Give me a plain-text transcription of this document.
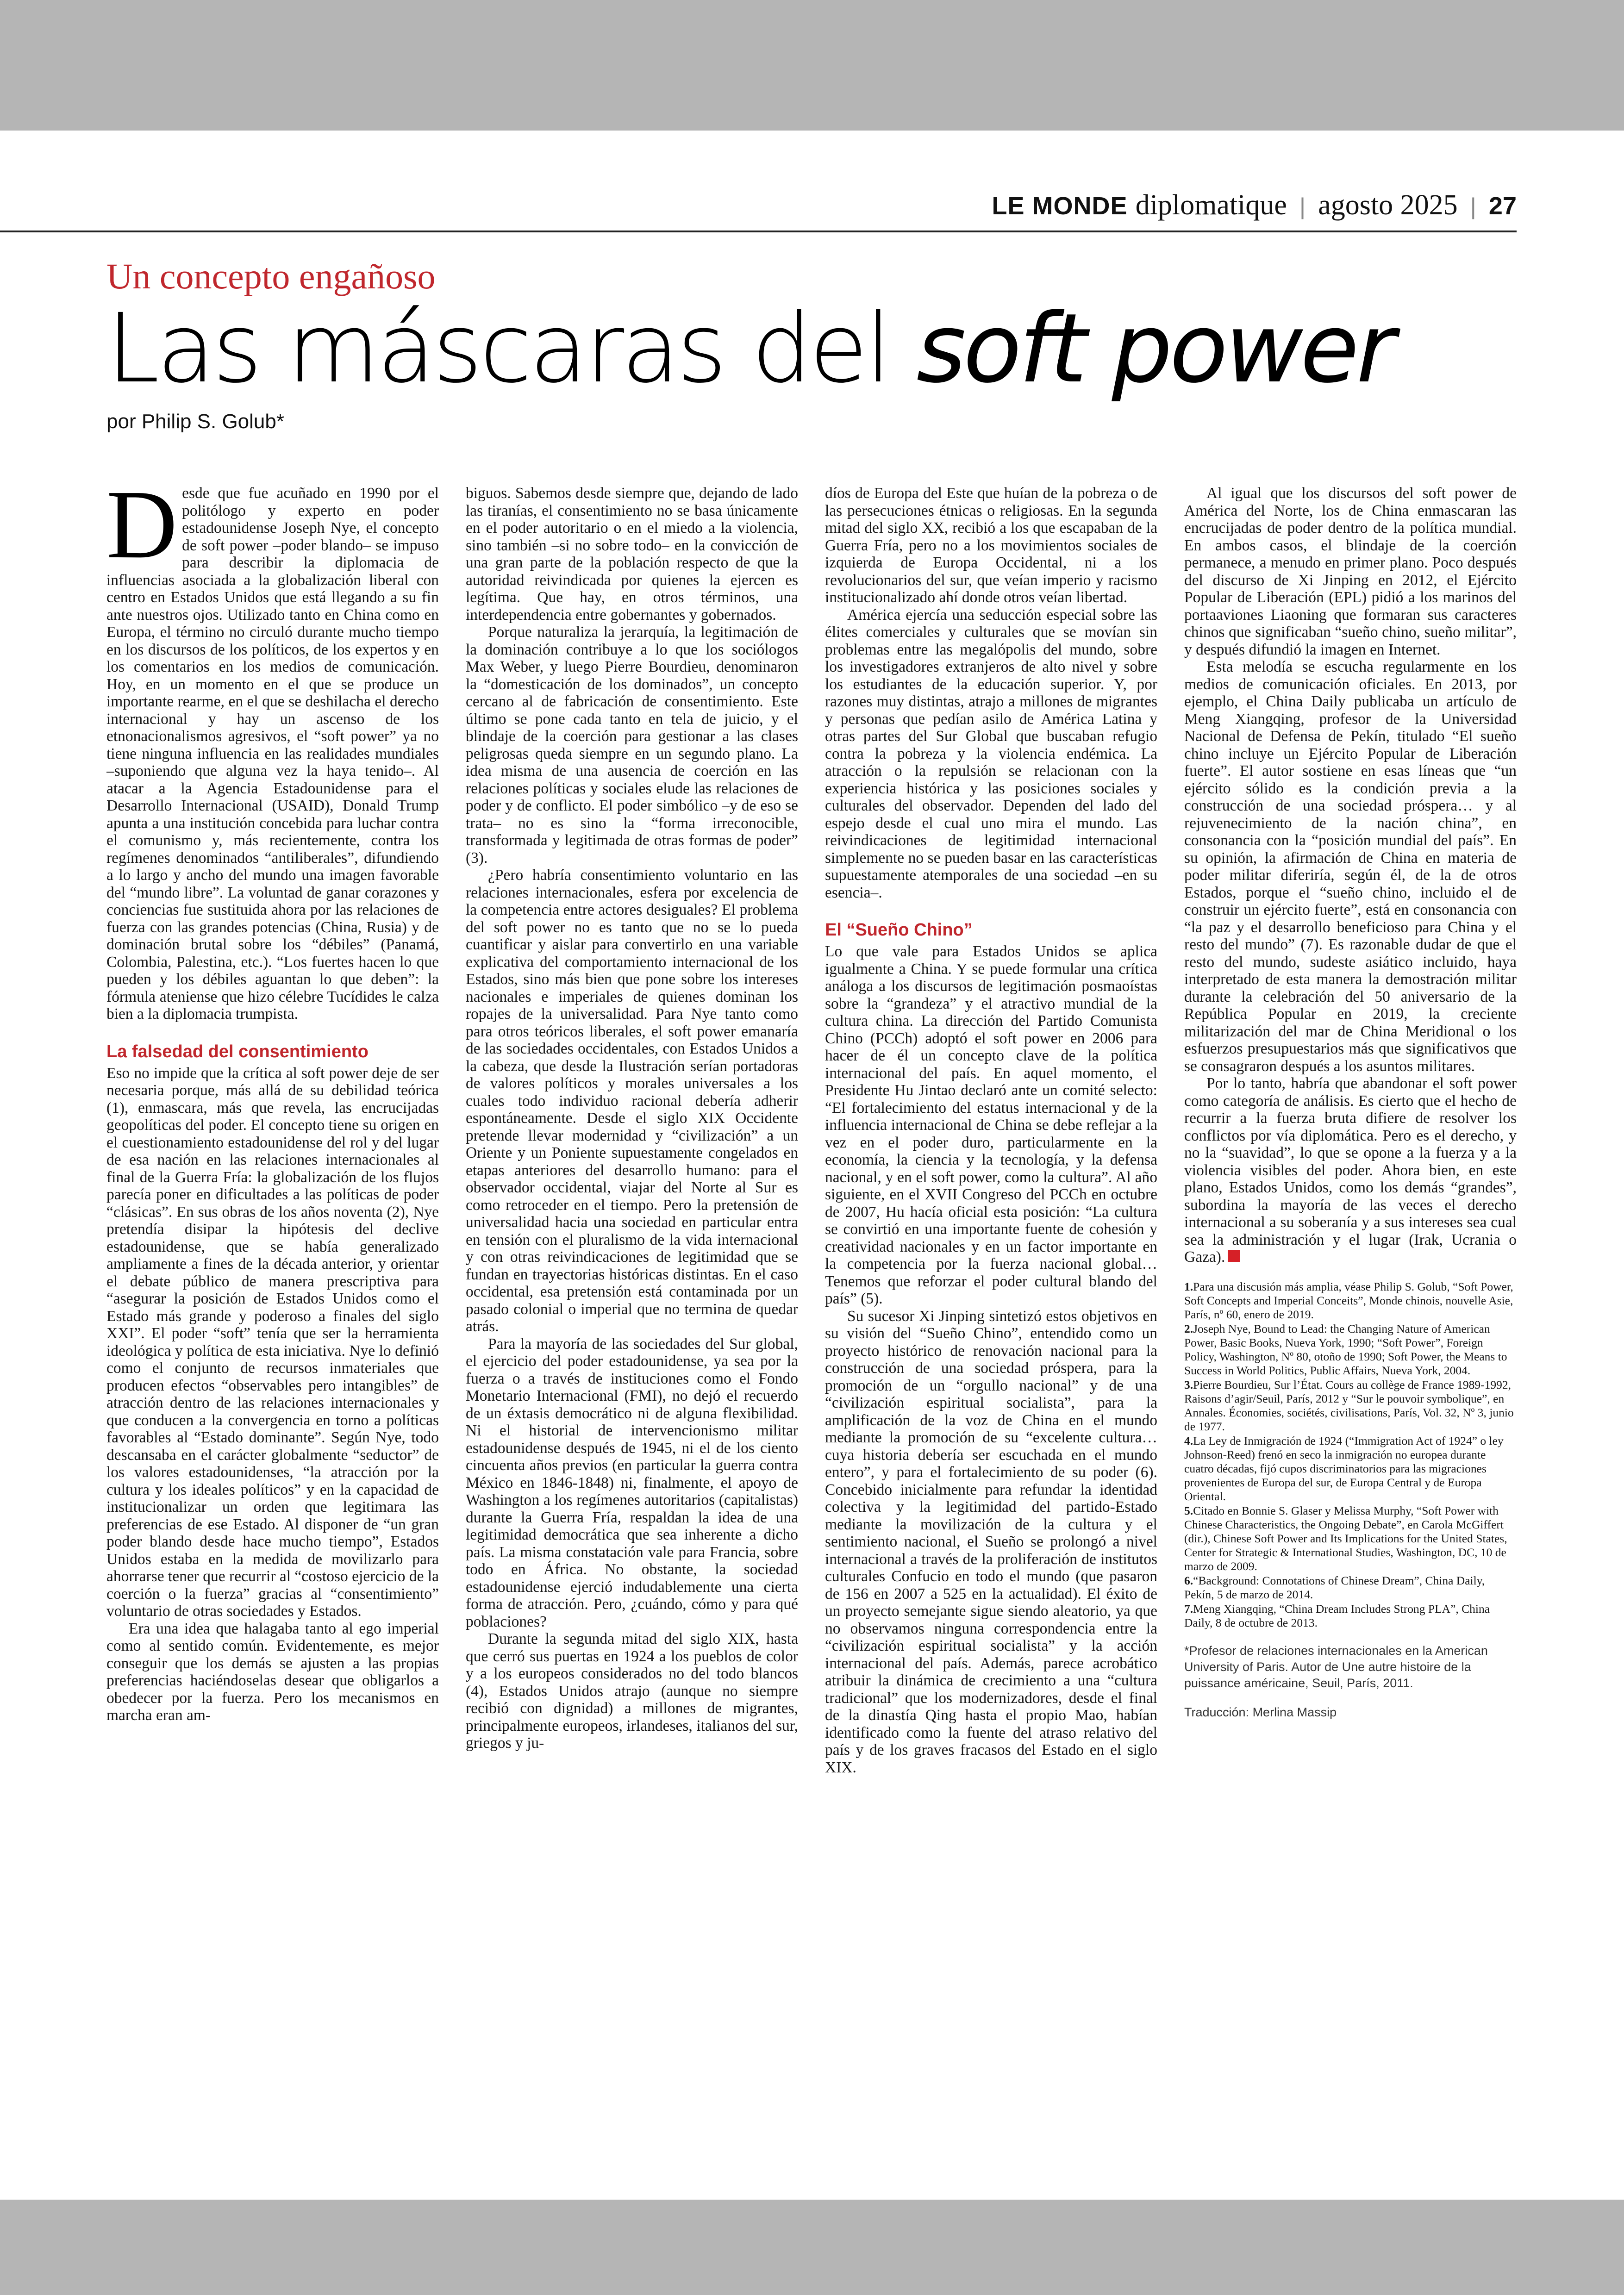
LE MONDE diplomatique | agosto 2025 | 27
Un concepto engañoso
Las máscaras del soft power
por Philip S. Golub*

Desde que fue acuñado en 1990 por el politólogo y experto en poder estadounidense Joseph Nye, el concepto de soft power –poder blando– se impuso para describir la diplomacia de influencias asociada a la globalización liberal con centro en Estados Unidos que está llegando a su fin ante nuestros ojos. Utilizado tanto en China como en Europa, el término no circuló durante mucho tiempo en los discursos de los políticos, de los expertos y en los comentarios en los medios de comunicación. Hoy, en un momento en el que se produce un importante rearme, en el que se deshilacha el derecho internacional y hay un ascenso de los etnonacionalismos agresivos, el “soft power” ya no tiene ninguna influencia en las realidades mundiales –suponiendo que alguna vez la haya tenido–. Al atacar a la Agencia Estadounidense para el Desarrollo Internacional (USAID), Donald Trump apunta a una institución concebida para luchar contra el comunismo y, más recientemente, contra los regímenes denominados “antiliberales”, difundiendo a lo largo y ancho del mundo una imagen favorable del “mundo libre”. La voluntad de ganar corazones y conciencias fue sustituida ahora por las relaciones de fuerza con las grandes potencias (China, Rusia) y de dominación brutal sobre los “débiles” (Panamá, Colombia, Palestina, etc.). “Los fuertes hacen lo que pueden y los débiles aguantan lo que deben”: la fórmula ateniense que hizo célebre Tucídides le calza bien a la diplomacia trumpista.

La falsedad del consentimiento

Eso no impide que la crítica al soft power deje de ser necesaria porque, más allá de su debilidad teórica (1), enmascara, más que revela, las encrucijadas geopolíticas del poder. El concepto tiene su origen en el cuestionamiento estadounidense del rol y del lugar de esa nación en las relaciones internacionales al final de la Guerra Fría: la globalización de los flujos parecía poner en dificultades a las políticas de poder “clásicas”. En sus obras de los años noventa (2), Nye pretendía disipar la hipótesis del declive estadounidense, que se había generalizado ampliamente a fines de la década anterior, y orientar el debate público de manera prescriptiva para “asegurar la posición de Estados Unidos como el Estado más grande y poderoso a finales del siglo XXI”. El poder “soft” tenía que ser la herramienta ideológica y política de esta iniciativa. Nye lo definió como el conjunto de recursos inmateriales que producen efectos “observables pero intangibles” de atracción dentro de las relaciones internacionales y que conducen a la convergencia en torno a políticas favorables al “Estado dominante”. Según Nye, todo descansaba en el carácter globalmente “seductor” de los valores estadounidenses, “la atracción por la cultura y los ideales políticos” y en la capacidad de institucionalizar un orden que legitimara las preferencias de ese Estado. Al disponer de “un gran poder blando desde hace mucho tiempo”, Estados Unidos estaba en la medida de movilizarlo para ahorrarse tener que recurrir al “costoso ejercicio de la coerción o la fuerza” gracias al “consentimiento” voluntario de otras sociedades y Estados.

Era una idea que halagaba tanto al ego imperial como al sentido común. Evidentemente, es mejor conseguir que los demás se ajusten a las propias preferencias haciéndoselas desear que obligarlos a obedecer por la fuerza. Pero los mecanismos en marcha eran am-

biguos. Sabemos desde siempre que, dejando de lado las tiranías, el consentimiento no se basa únicamente en el poder autoritario o en el miedo a la violencia, sino también –si no sobre todo– en la convicción de una gran parte de la población respecto de que la autoridad reivindicada por quienes la ejercen es legítima. Que hay, en otros términos, una interdependencia entre gobernantes y gobernados.

Porque naturaliza la jerarquía, la legitimación de la dominación contribuye a lo que los sociólogos Max Weber, y luego Pierre Bourdieu, denominaron la “domesticación de los dominados”, un concepto cercano al de fabricación de consentimiento. Este último se pone cada tanto en tela de juicio, y el blindaje de la coerción para gestionar a las clases peligrosas queda siempre en un segundo plano. La idea misma de una ausencia de coerción en las relaciones políticas y sociales elude las relaciones de poder y de conflicto. El poder simbólico –y de eso se trata– no es sino la “forma irreconocible, transformada y legitimada de otras formas de poder” (3).

¿Pero habría consentimiento voluntario en las relaciones internacionales, esfera por excelencia de la competencia entre actores desiguales? El problema del soft power no es tanto que no se lo pueda cuantificar y aislar para convertirlo en una variable explicativa del comportamiento internacional de los Estados, sino más bien que pone sobre los intereses nacionales e imperiales de quienes dominan los ropajes de la universalidad. Para Nye tanto como para otros teóricos liberales, el soft power emanaría de las sociedades occidentales, con Estados Unidos a la cabeza, que desde la Ilustración serían portadoras de valores políticos y morales universales a los cuales todo individuo racional debería adherir espontáneamente. Desde el siglo XIX Occidente pretende llevar modernidad y “civilización” a un Oriente y un Poniente supuestamente congelados en etapas anteriores del desarrollo humano: para el observador occidental, viajar del Norte al Sur es como retroceder en el tiempo. Pero la pretensión de universalidad hacia una sociedad en particular entra en tensión con el pluralismo de la vida internacional y con otras reivindicaciones de legitimidad que se fundan en trayectorias históricas distintas. En el caso occidental, esa pretensión está contaminada por un pasado colonial o imperial que no termina de quedar atrás.

Para la mayoría de las sociedades del Sur global, el ejercicio del poder estadounidense, ya sea por la fuerza o a través de instituciones como el Fondo Monetario Internacional (FMI), no dejó el recuerdo de un éxtasis democrático ni de alguna flexibilidad. Ni el historial de intervencionismo militar estadounidense después de 1945, ni el de los ciento cincuenta años previos (en particular la guerra contra México en 1846-1848) ni, finalmente, el apoyo de Washington a los regímenes autoritarios (capitalistas) durante la Guerra Fría, respaldan la idea de una legitimidad democrática que sea inherente a dicho país. La misma constatación vale para Francia, sobre todo en África. No obstante, la sociedad estadounidense ejerció indudablemente una cierta forma de atracción. Pero, ¿cuándo, cómo y para qué poblaciones?

Durante la segunda mitad del siglo XIX, hasta que cerró sus puertas en 1924 a los pueblos de color y a los europeos considerados no del todo blancos (4), Estados Unidos atrajo (aunque no siempre recibió con dignidad) a millones de migrantes, principalmente europeos, irlandeses, italianos del sur, griegos y ju-

díos de Europa del Este que huían de la pobreza o de las persecuciones étnicas o religiosas. En la segunda mitad del siglo XX, recibió a los que escapaban de la Guerra Fría, pero no a los movimientos sociales de izquierda de Europa Occidental, ni a los revolucionarios del sur, que veían imperio y racismo institucionalizado ahí donde otros veían libertad.

América ejercía una seducción especial sobre las élites comerciales y culturales que se movían sin problemas entre las megalópolis del mundo, sobre los investigadores extranjeros de alto nivel y sobre los estudiantes de la educación superior. Y, por razones muy distintas, atrajo a millones de migrantes y personas que pedían asilo de América Latina y otras partes del Sur Global que buscaban refugio contra la pobreza y la violencia endémica. La atracción o la repulsión se relacionan con la experiencia histórica y las posiciones sociales y culturales del observador. Dependen del lado del espejo desde el cual uno mira el mundo. Las reivindicaciones de legitimidad internacional simplemente no se pueden basar en las características supuestamente atemporales de una sociedad –en su esencia–.

El “Sueño Chino”

Lo que vale para Estados Unidos se aplica igualmente a China. Y se puede formular una crítica análoga a los discursos de legitimación posmaoístas sobre la “grandeza” y el atractivo mundial de la cultura china. La dirección del Partido Comunista Chino (PCCh) adoptó el soft power en 2006 para hacer de él un concepto clave de la política internacional del país. En aquel momento, el Presidente Hu Jintao declaró ante un comité selecto: “El fortalecimiento del estatus internacional y de la influencia internacional de China se debe reflejar a la vez en el poder duro, particularmente en la economía, la ciencia y la tecnología, y la defensa nacional, y en el soft power, como la cultura”. Al año siguiente, en el XVII Congreso del PCCh en octubre de 2007, Hu hacía oficial esta posición: “La cultura se convirtió en una importante fuente de cohesión y creatividad nacionales y en un factor importante en la competencia por la fuerza nacional global… Tenemos que reforzar el poder cultural blando del país” (5).

Su sucesor Xi Jinping sintetizó estos objetivos en su visión del “Sueño Chino”, entendido como un proyecto histórico de renovación nacional para la construcción de una sociedad próspera, para la promoción de un “orgullo nacional” y de una “civilización espiritual socialista”, para la amplificación de la voz de China en el mundo mediante la promoción de su “excelente cultura… cuya historia debería ser escuchada en el mundo entero”, y para el fortalecimiento de su poder (6). Concebido inicialmente para refundar la identidad colectiva y la legitimidad del partido-Estado mediante la movilización de la cultura y el sentimiento nacional, el Sueño se prolongó a nivel internacional a través de la proliferación de institutos culturales Confucio en todo el mundo (que pasaron de 156 en 2007 a 525 en la actualidad). El éxito de un proyecto semejante sigue siendo aleatorio, ya que no observamos ninguna correspondencia entre la “civilización espiritual socialista” y la acción internacional del país. Además, parece acrobático atribuir la dinámica de crecimiento a una “cultura tradicional” que los modernizadores, desde el final de la dinastía Qing hasta el propio Mao, habían identificado como la fuente del atraso relativo del país y de los graves fracasos del Estado en el siglo XIX.

Al igual que los discursos del soft power de América del Norte, los de China enmascaran las encrucijadas de poder dentro de la política mundial. En ambos casos, el blindaje de la coerción permanece, a menudo en primer plano. Poco después del discurso de Xi Jinping en 2012, el Ejército Popular de Liberación (EPL) pidió a los marinos del portaaviones Liaoning que formaran sus caracteres chinos que significaban “sueño chino, sueño militar”, y después difundió la imagen en Internet.

Esta melodía se escucha regularmente en los medios de comunicación oficiales. En 2013, por ejemplo, el China Daily publicaba un artículo de Meng Xiangqing, profesor de la Universidad Nacional de Defensa de Pekín, titulado “El sueño chino incluye un Ejército Popular de Liberación fuerte”. El autor sostiene en esas líneas que “un ejército sólido es la condición previa a la construcción de una sociedad próspera… y al rejuvenecimiento de la nación china”, en consonancia con la “posición mundial del país”. En su opinión, la afirmación de China en materia de poder militar diferiría, según él, de la de otros Estados, porque el “sueño chino, incluido el de construir un ejército fuerte”, está en consonancia con “la paz y el desarrollo beneficioso para China y el resto del mundo” (7). Es razonable dudar de que el resto del mundo, sudeste asiático incluido, haya interpretado de esta manera la demostración militar durante la celebración del 50 aniversario de la República Popular en 2019, la creciente militarización del mar de China Meridional o los esfuerzos presupuestarios más que significativos que se consagraron después a los asuntos militares.

Por lo tanto, habría que abandonar el soft power como categoría de análisis. Es cierto que el hecho de recurrir a la fuerza bruta difiere de resolver los conflictos por vía diplomática. Pero es el derecho, y no la “suavidad”, lo que se opone a la fuerza y a la violencia visibles del poder. Ahora bien, en este plano, Estados Unidos, como los demás “grandes”, subordina la mayoría de las veces el derecho internacional a su soberanía y a sus intereses sea cual sea la administración y el lugar (Irak, Ucrania o Gaza).

1.Para una discusión más amplia, véase Philip S. Golub, “Soft Power, Soft Concepts and Imperial Conceits”, Monde chinois, nouvelle Asie, París, nº 60, enero de 2019.
2.Joseph Nye, Bound to Lead: the Changing Nature of American Power, Basic Books, Nueva York, 1990; “Soft Power”, Foreign Policy, Washington, Nº 80, otoño de 1990; Soft Power, the Means to Success in World Politics, Public Affairs, Nueva York, 2004.
3.Pierre Bourdieu, Sur l’État. Cours au collège de France 1989-1992, Raisons d’agir/Seuil, París, 2012 y “Sur le pouvoir symbolique”, en Annales. Économies, sociétés, civilisations, París, Vol. 32, Nº 3, junio de 1977.
4.La Ley de Inmigración de 1924 (“Immigration Act of 1924” o ley Johnson-Reed) frenó en seco la inmigración no europea durante cuatro décadas, fijó cupos discriminatorios para las migraciones provenientes de Europa del sur, de Europa Central y de Europa Oriental.
5.Citado en Bonnie S. Glaser y Melissa Murphy, “Soft Power with Chinese Characteristics, the Ongoing Debate”, en Carola McGiffert (dir.), Chinese Soft Power and Its Implications for the United States, Center for Strategic & International Studies, Washington, DC, 10 de marzo de 2009.
6.“Background: Connotations of Chinese Dream”, China Daily, Pekín, 5 de marzo de 2014.
7.Meng Xiangqing, “China Dream Includes Strong PLA”, China Daily, 8 de octubre de 2013.
*Profesor de relaciones internacionales en la American University of Paris. Autor de Une autre histoire de la puissance américaine, Seuil, París, 2011.
Traducción: Merlina Massip
